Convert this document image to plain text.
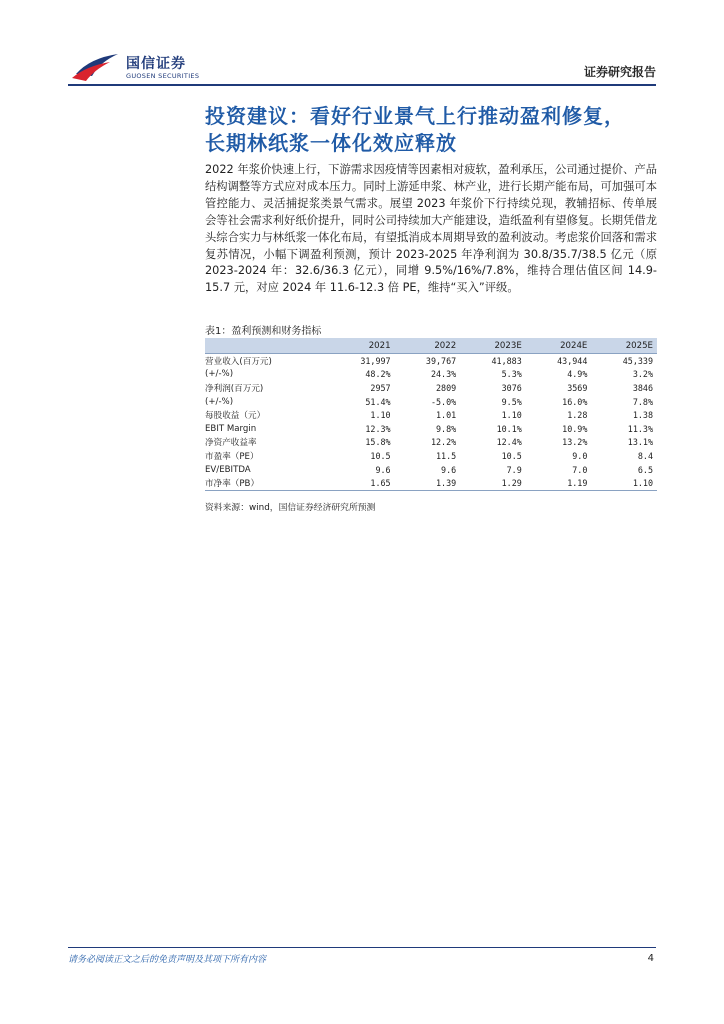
国信证券
GUOSEN SECURITIES	证券研究报告
投资建议：看好行业景气上行推动盈利修复，
长期林纸浆一体化效应释放
2022 年浆价快速上行，下游需求因疫情等因素相对疲软，盈利承压，公司通过提价、产品结构调整等方式应对成本压力。同时上游延申浆、林产业，进行长期产能布局，可加强可本管控能力、灵活捕捉浆类景气需求。展望 2023 年浆价下行持续兑现，教辅招标、传单展会等社会需求利好纸价提升，同时公司持续加大产能建设，造纸盈利有望修复。长期凭借龙头综合实力与林纸浆一体化布局，有望抵消成本周期导致的盈利波动。考虑浆价回落和需求复苏情况，小幅下调盈利预测，预计 2023-2025 年净利润为 30.8/35.7/38.5 亿元（原 2023-2024 年：32.6/36.3 亿元），同增 9.5%/16%/7.8%，维持合理估值区间 14.9-15.7 元，对应 2024 年 11.6-12.3 倍 PE，维持“买入”评级。
表1：盈利预测和财务指标
	2021	2022	2023E	2024E	2025E
营业收入(百万元)	31,997	39,767	41,883	43,944	45,339
(+/-%)	48.2%	24.3%	5.3%	4.9%	3.2%
净利润(百万元)	2957	2809	3076	3569	3846
(+/-%)	51.4%	-5.0%	9.5%	16.0%	7.8%
每股收益（元）	1.10	1.01	1.10	1.28	1.38
EBIT Margin	12.3%	9.8%	10.1%	10.9%	11.3%
净资产收益率	15.8%	12.2%	12.4%	13.2%	13.1%
市盈率（PE）	10.5	11.5	10.5	9.0	8.4
EV/EBITDA	9.6	9.6	7.9	7.0	6.5
市净率（PB）	1.65	1.39	1.29	1.19	1.10
资料来源：wind，国信证券经济研究所预测
请务必阅读正文之后的免责声明及其项下所有内容	4
